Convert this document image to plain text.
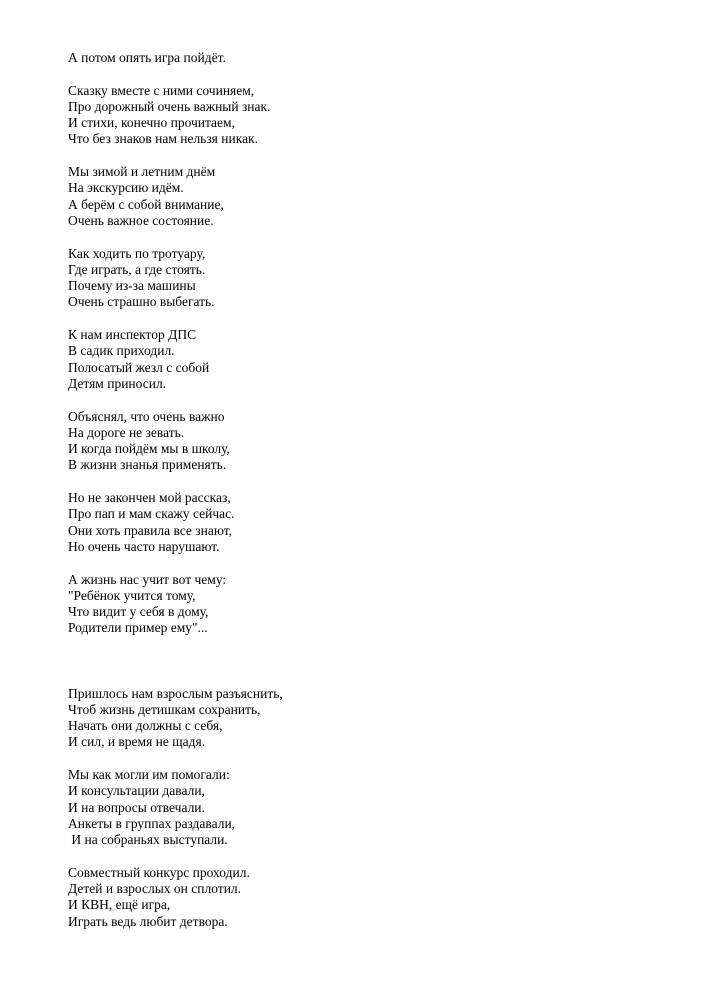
А потом опять игра пойдёт.
Сказку вместе с ними сочиняем,
Про дорожный очень важный знак.
И стихи, конечно прочитаем,
Что без знаков нам нельзя никак.
Мы зимой и летним днём
На экскурсию идём.
А берём с собой внимание,
Очень важное состояние.
Как ходить по тротуару,
Где играть, а где стоять.
Почему из-за машины
Очень страшно выбегать.
К нам инспектор ДПС
В садик приходил.
Полосатый жезл с собой
Детям приносил.
Объяснял, что очень важно
На дороге не зевать.
И когда пойдём мы в школу,
В жизни знанья применять.
Но не закончен мой рассказ,
Про пап и мам скажу сейчас.
Они хоть правила все знают,
Но очень часто нарушают.
А жизнь нас учит вот чему:
"Ребёнок учится тому,
Что видит у себя в дому,
Родители пример ему"...
Пришлось нам взрослым разъяснить,
Чтоб жизнь детишкам сохранить,
Начать они должны с себя,
И сил, и время не щадя.
Мы как могли им помогали:
И консультации давали,
И на вопросы отвечали.
Анкеты в группах раздавали,
И на собраньях выступали.
Совместный конкурс проходил.
Детей и взрослых он сплотил.
И КВН, ещё игра,
Играть ведь любит детвора.
